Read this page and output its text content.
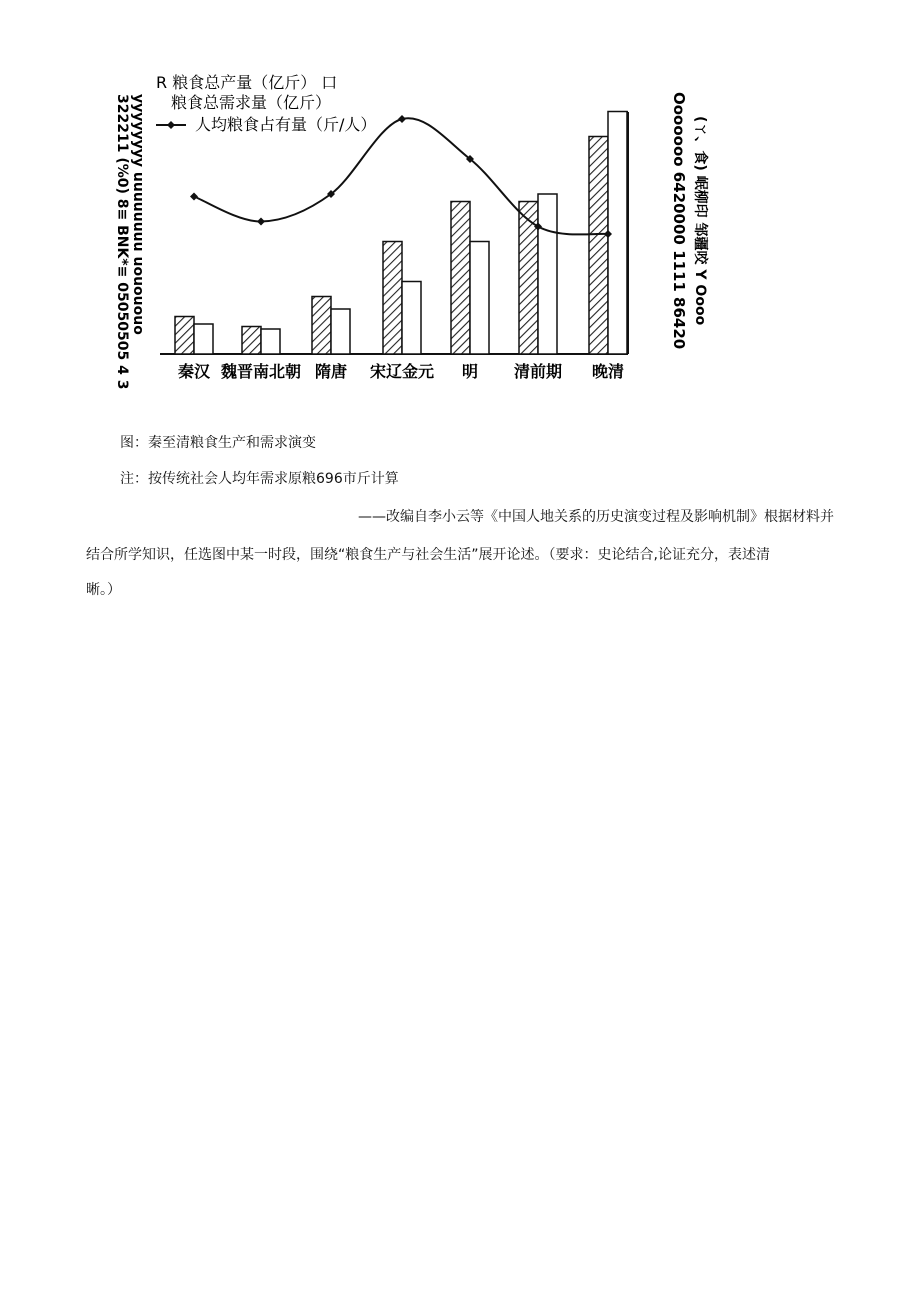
R 粮食总产量（亿斤） 口
粮食总需求量（亿斤）
人均粮食占有量（斤/人）
yyyyyyyy uuuuuuuu uouououo
322211 (%0) 8≡ BNK*≡ 05050505 4 3	Ooooooo 6420000 1111 86420 (ㄚ、食) 岷柳印 邹疆咬 Y Oooo
秦汉 魏晋南北朝 隋唐 宋辽金元 明 清前期 晚清
图：秦至清粮食生产和需求演变
注：按传统社会人均年需求原粮696市斤计算
——改编自李小云等《中国人地关系的历史演变过程及影响机制》根据材料并
结合所学知识，任选图中某一时段，围绕“粮食生产与社会生活”展开论述。（要求：史论结合,论证充分，表述清
晰。）
